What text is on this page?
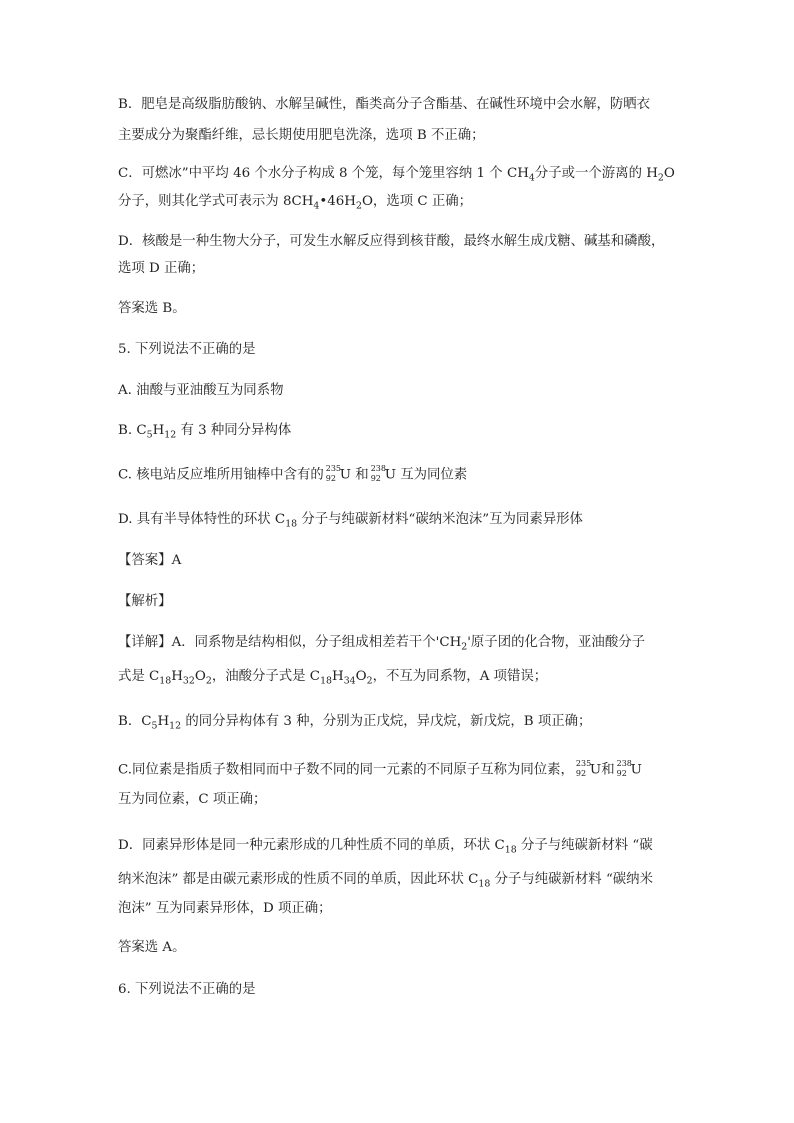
B．肥皂是高级脂肪酸钠、水解呈碱性，酯类高分子含酯基、在碱性环境中会水解，防晒衣
主要成分为聚酯纤维，忌长期使用肥皂洗涤，选项 B 不正确；
C．可燃冰”中平均 46 个水分子构成 8 个笼，每个笼里容纳 1 个 $CH_4$分子或一个游离的 $H_2O$
分子，则其化学式可表示为 $8CH_4•46H_2O$，选项 C 正确；
D．核酸是一种生物大分子，可发生水解反应得到核苷酸，最终水解生成戊糖、碱基和磷酸，
选项 D 正确；
答案选 B。
5. 下列说法不正确的是
A. 油酸与亚油酸互为同系物
B. $C_5H_{12}$ 有 3 种同分异构体
C. 核电站反应堆所用铀棒中含有的 235
92 U 和 238
92 U 互为同位素
D. 具有半导体特性的环状 $C_{18}$ 分子与纯碳新材料“碳纳米泡沫”互为同素异形体
【答案】A
【解析】
【详解】A．同系物是结构相似，分子组成相差若干个'$CH_2$'原子团的化合物，亚油酸分子
式是 $C_{18}H_{32}O_2$，油酸分子式是 $C_{18}H_{34}O_2$，不互为同系物，A 项错误；
B．$C_5H_{12}$ 的同分异构体有 3 种，分别为正戊烷，异戊烷，新戊烷，B 项正确；
C.同位素是指质子数相同而中子数不同的同一元素的不同原子互称为同位素， 235
92 U和 238
92 U
互为同位素，C 项正确；
D．同素异形体是同一种元素形成的几种性质不同的单质，环状 $C_{18}$ 分子与纯碳新材料 “碳
纳米泡沫” 都是由碳元素形成的性质不同的单质，因此环状 $C_{18}$ 分子与纯碳新材料 “碳纳米
泡沫” 互为同素异形体，D 项正确；
答案选 A。
6. 下列说法不正确的是
